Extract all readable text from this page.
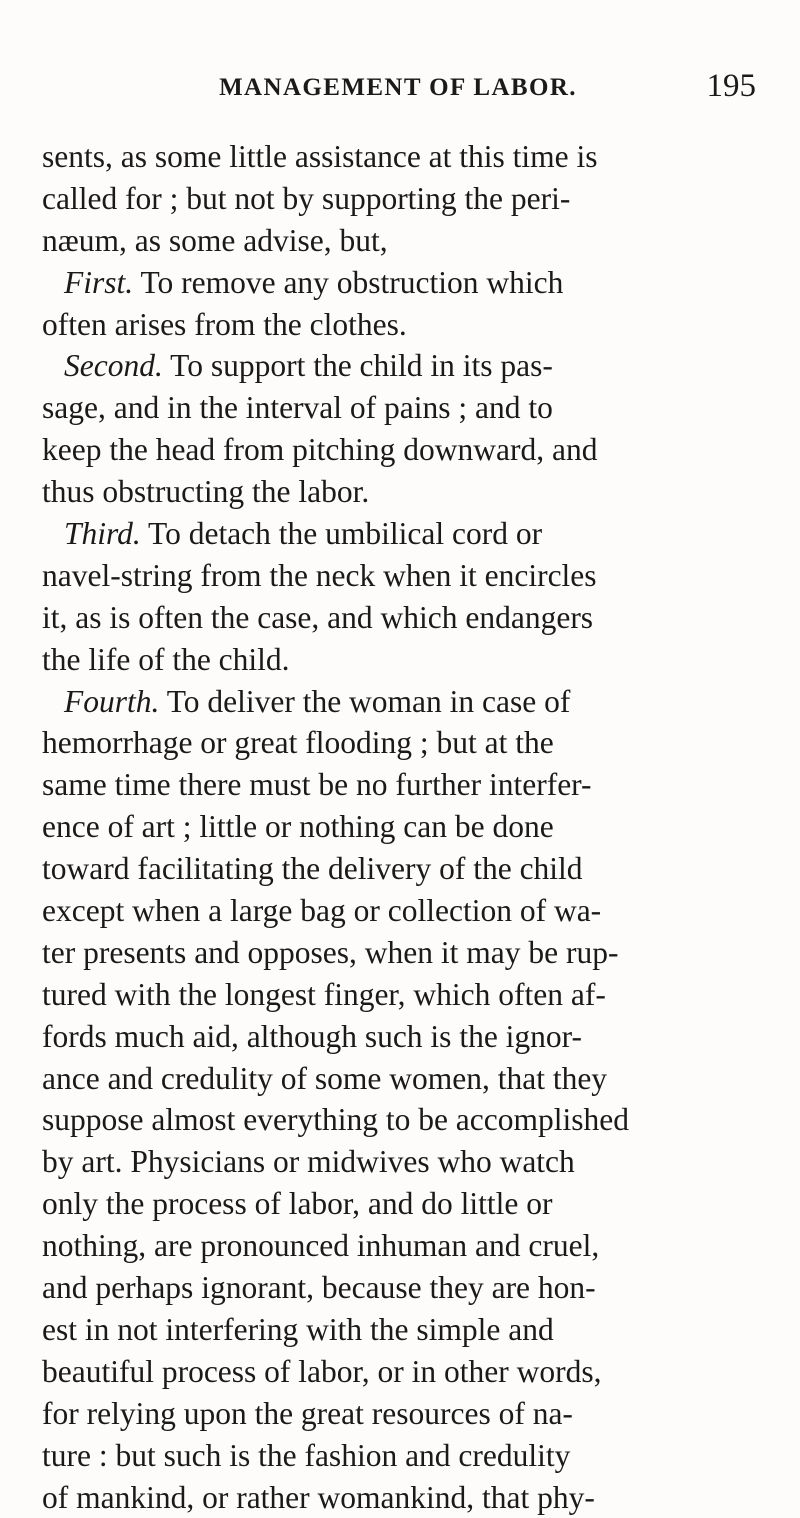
MANAGEMENT OF LABOR.	195
sents, as some little assistance at this time is
called for ; but not by supporting the peri-
næum, as some advise, but,
First. To remove any obstruction which
often arises from the clothes.
Second. To support the child in its pas-
sage, and in the interval of pains ; and to
keep the head from pitching downward, and
thus obstructing the labor.
Third. To detach the umbilical cord or
navel-string from the neck when it encircles
it, as is often the case, and which endangers
the life of the child.
Fourth. To deliver the woman in case of
hemorrhage or great flooding ; but at the
same time there must be no further interfer-
ence of art ; little or nothing can be done
toward facilitating the delivery of the child
except when a large bag or collection of wa-
ter presents and opposes, when it may be rup-
tured with the longest finger, which often af-
fords much aid, although such is the ignor-
ance and credulity of some women, that they
suppose almost everything to be accomplished
by art. Physicians or midwives who watch
only the process of labor, and do little or
nothing, are pronounced inhuman and cruel,
and perhaps ignorant, because they are hon-
est in not interfering with the simple and
beautiful process of labor, or in other words,
for relying upon the great resources of na-
ture : but such is the fashion and credulity
of mankind, or rather womankind, that phy-
